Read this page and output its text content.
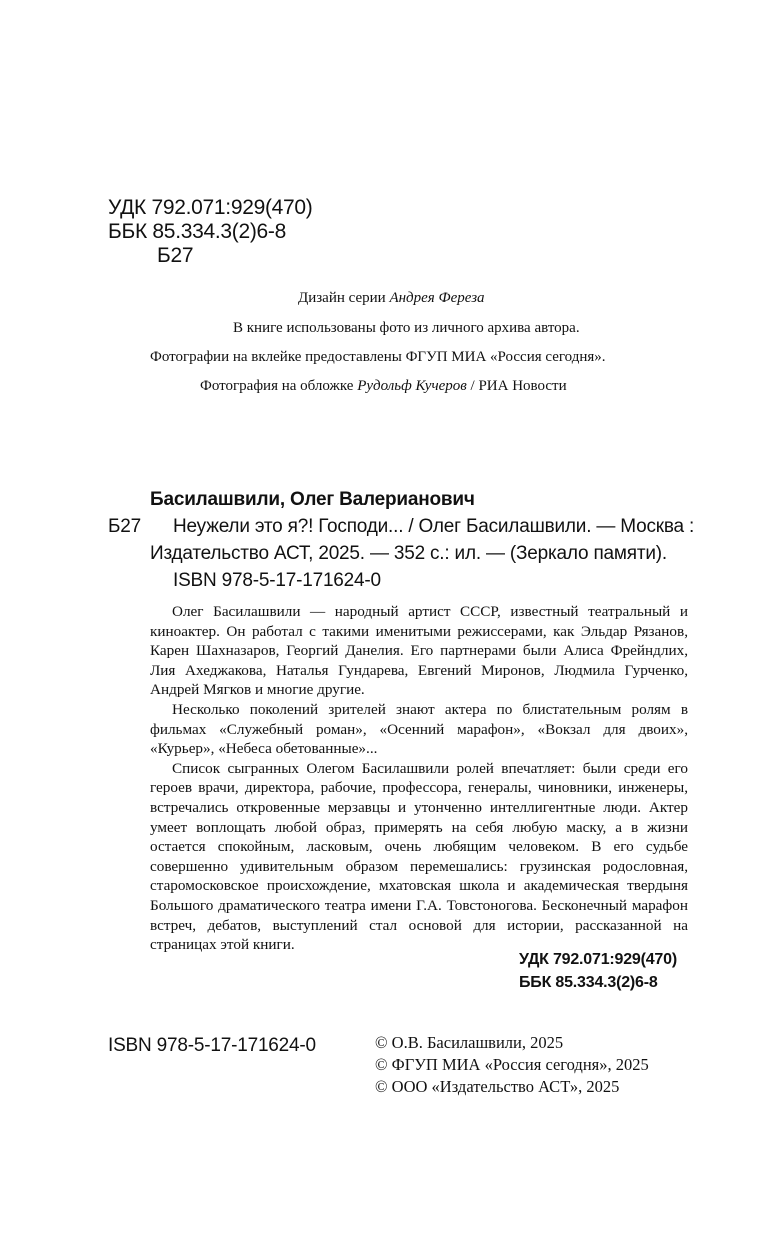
УДК 792.071:929(470)
ББК 85.334.3(2)6-8
Б27
Дизайн серии Андрея Фереза
В книге использованы фото из личного архива автора.
Фотографии на вклейке предоставлены ФГУП МИА «Россия сегодня».
Фотография на обложке Рудольф Кучеров / РИА Новости
Басилашвили, Олег Валерианович
Б27 Неужели это я?! Господи... / Олег Басилашвили. — Москва :
Издательство АСТ, 2025. — 352 с.: ил. — (Зеркало памяти).
ISBN 978-5-17-171624-0

Олег Басилашвили — народный артист СССР, известный театральный и киноактер. Он работал с такими именитыми режиссерами, как Эльдар Рязанов, Карен Шахназаров, Георгий Данелия. Его партнерами были Алиса Фрейндлих, Лия Ахеджакова, Наталья Гундарева, Евгений Миронов, Людмила Гурченко, Андрей Мягков и многие другие.

Несколько поколений зрителей знают актера по блистательным ролям в фильмах «Служебный роман», «Осенний марафон», «Вокзал для двоих», «Курьер», «Небеса обетованные»...

Список сыгранных Олегом Басилашвили ролей впечатляет: были среди его героев врачи, директора, рабочие, профессора, генералы, чиновники, инженеры, встречались откровенные мерзавцы и утонченно интеллигентные люди. Актер умеет воплощать любой образ, примерять на себя любую маску, а в жизни остается спокойным, ласковым, очень любящим человеком. В его судьбе совершенно удивительным образом перемешались: грузинская родословная, старомосковское происхождение, мхатовская школа и академическая твердыня Большого драматического театра имени Г.А. Товстоногова. Бесконечный марафон встреч, дебатов, выступлений стал основой для истории, рассказанной на страницах этой книги.

УДК 792.071:929(470)
ББК 85.334.3(2)6-8
ISBN 978-5-17-171624-0	© О.В. Басилашвили, 2025
© ФГУП МИА «Россия сегодня», 2025
© ООО «Издательство АСТ», 2025
